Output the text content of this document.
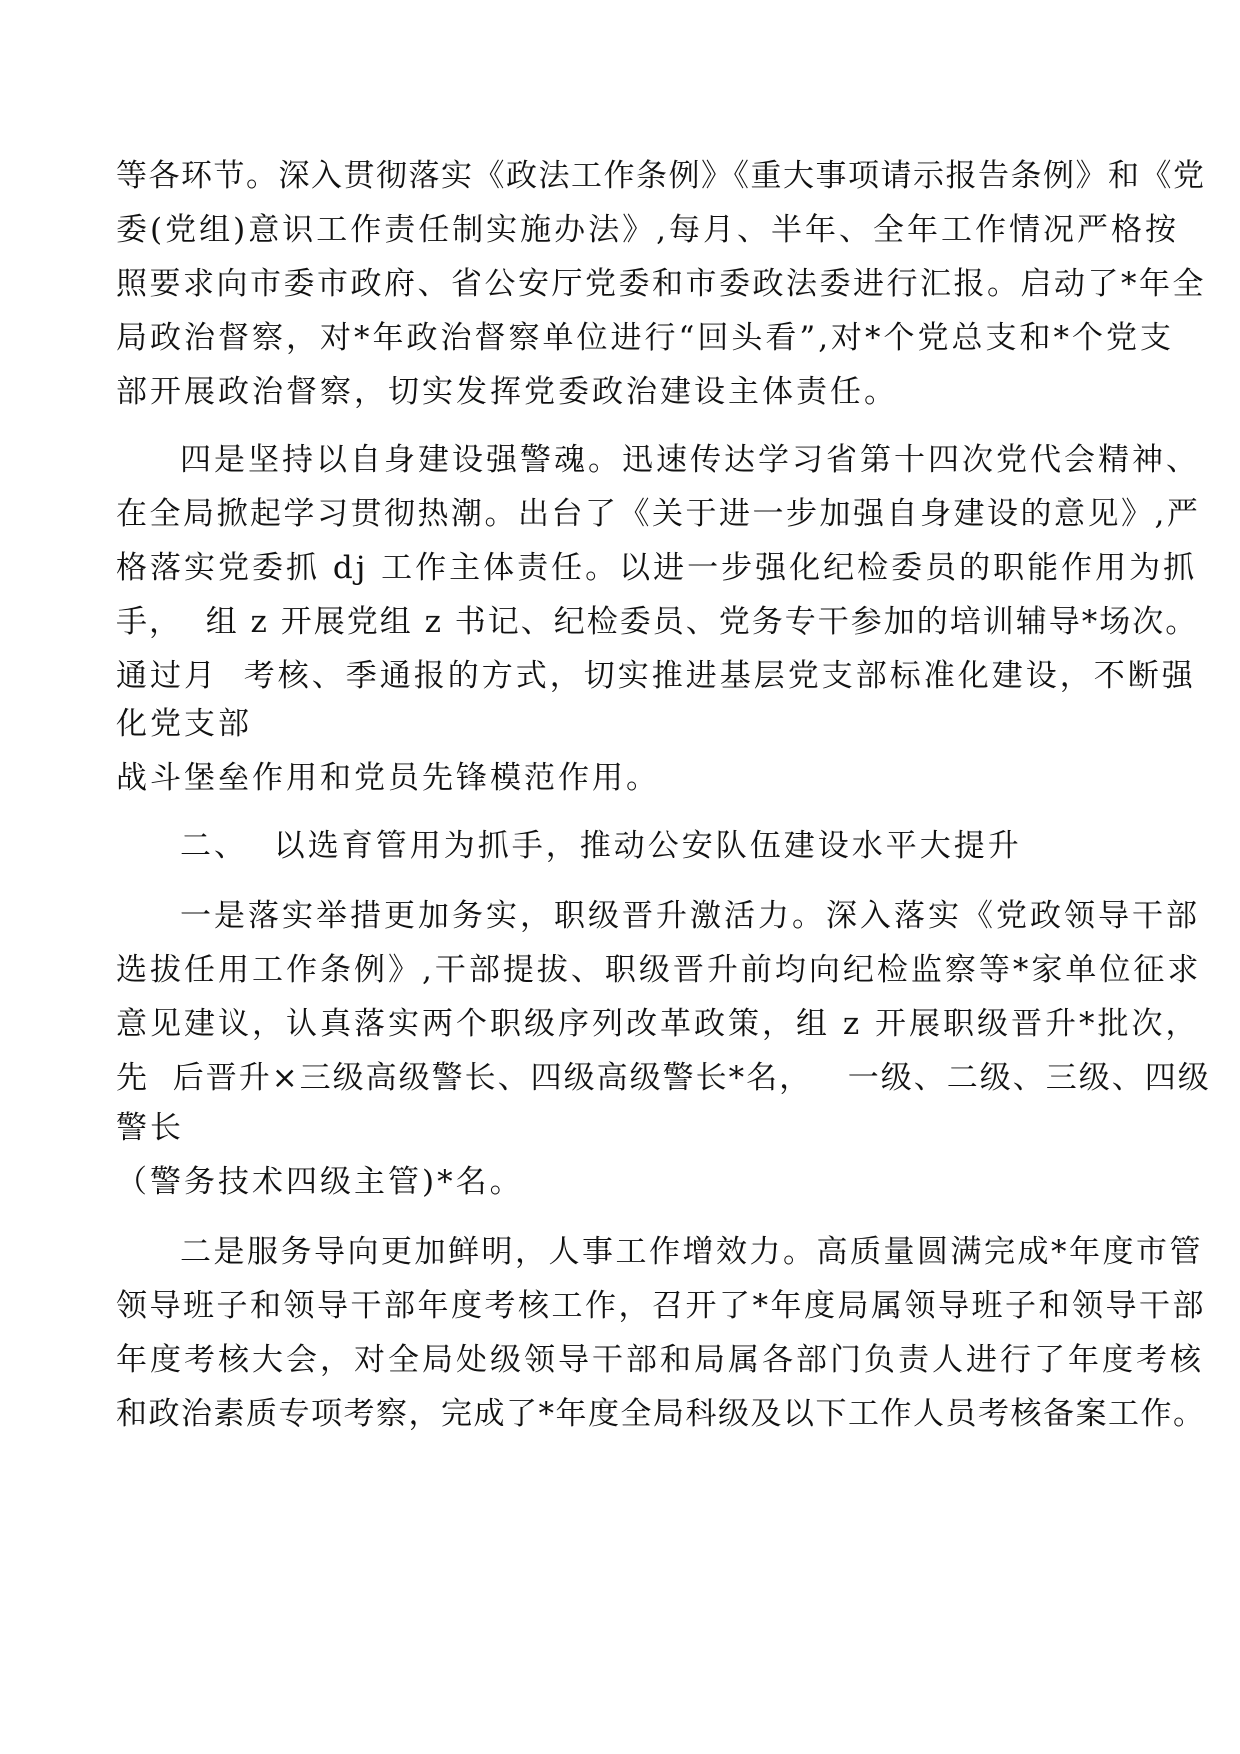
等各环节。深入贯彻落实《政法工作条例》《重大事项请示报告条例》和《党
委(党组)意识工作责任制实施办法》,每月、半年、全年工作情况严格按
照要求向市委市政府、省公安厅党委和市委政法委进行汇报。启动了*年全
局政治督察，对*年政治督察单位进行“回头看”,对*个党总支和*个党支
部开展政治督察，切实发挥党委政治建设主体责任。
四是坚持以自身建设强警魂。迅速传达学习省第十四次党代会精神、
在全局掀起学习贯彻热潮。出台了《关于进一步加强自身建设的意见》,严
格落实党委抓 dj 工作主体责任。以进一步强化纪检委员的职能作用为抓
手，  组 z 开展党组 z 书记、纪检委员、党务专干参加的培训辅导*场次。
通过月  考核、季通报的方式，切实推进基层党支部标准化建设，不断强
化党支部
战斗堡垒作用和党员先锋模范作用。
二、  以选育管用为抓手，推动公安队伍建设水平大提升
一是落实举措更加务实，职级晋升激活力。深入落实《党政领导干部
选拔任用工作条例》,干部提拔、职级晋升前均向纪检监察等*家单位征求
意见建议，认真落实两个职级序列改革政策，组 z 开展职级晋升*批次，
先  后晋升×三级高级警长、四级高级警长*名，   一级、二级、三级、四级
警长
（警务技术四级主管)*名。
二是服务导向更加鲜明，人事工作增效力。高质量圆满完成*年度市管
领导班子和领导干部年度考核工作，召开了*年度局属领导班子和领导干部
年度考核大会，对全局处级领导干部和局属各部门负责人进行了年度考核
和政治素质专项考察，完成了*年度全局科级及以下工作人员考核备案工作。
